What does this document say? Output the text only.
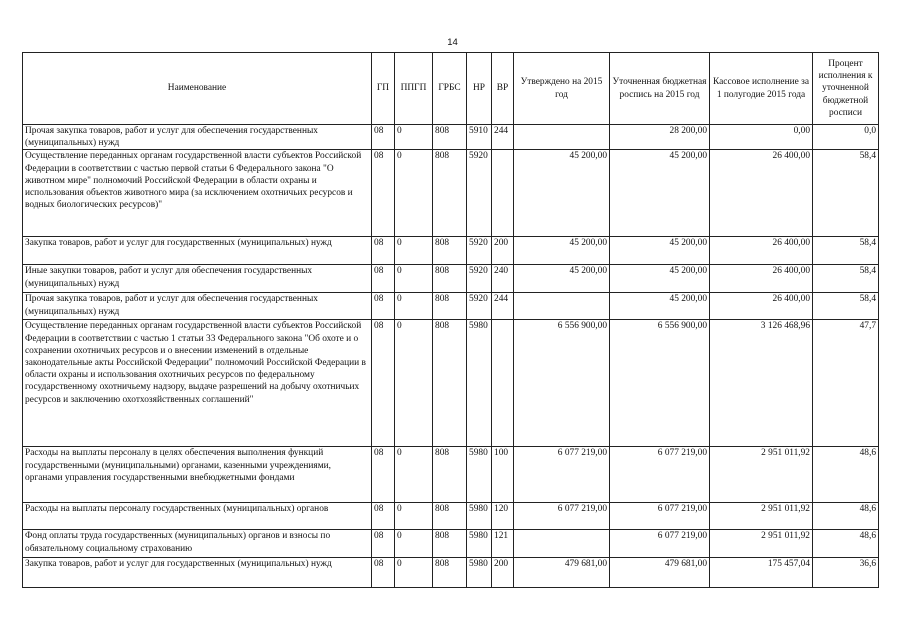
14
Наименование	ГП	ППГП	ГРБС	НР	ВР	Утверждено на 2015 год	Уточненная бюджетная роспись на 2015 год	Кассовое исполнение за 1 полугодие 2015 года	Процент исполнения к уточненной бюджетной росписи

Прочая закупка товаров, работ и услуг для обеспечения государственных (муниципальных) нужд	08	0	808	5910	244		28 200,00	0,00	0,0
Осуществление переданных органам государственной власти субъектов Российской Федерации в соответствии с частью первой статьи 6 Федерального закона "О животном мире" полномочий Российской Федерации в области охраны и использования объектов животного мира (за исключением охотничьих ресурсов и водных биологических ресурсов)"	08	0	808	5920		45 200,00	45 200,00	26 400,00	58,4
Закупка товаров, работ и услуг для государственных (муниципальных) нужд	08	0	808	5920	200	45 200,00	45 200,00	26 400,00	58,4
Иные закупки товаров, работ и услуг для обеспечения государственных (муниципальных) нужд	08	0	808	5920	240	45 200,00	45 200,00	26 400,00	58,4
Прочая закупка товаров, работ и услуг для обеспечения государственных (муниципальных) нужд	08	0	808	5920	244		45 200,00	26 400,00	58,4
Осуществление переданных органам государственной власти субъектов Российской Федерации в соответствии с частью 1 статьи 33 Федерального закона "Об охоте и о сохранении охотничьих ресурсов и о внесении изменений в отдельные законодательные акты Российской Федерации" полномочий Российской Федерации в области охраны и использования охотничьих ресурсов по федеральному государственному охотничьему надзору, выдаче разрешений на добычу охотничьих ресурсов и заключению охотхозяйственных соглашений"	08	0	808	5980		6 556 900,00	6 556 900,00	3 126 468,96	47,7
Расходы на выплаты персоналу в целях обеспечения выполнения функций государственными (муниципальными) органами, казенными учреждениями, органами управления государственными внебюджетными фондами	08	0	808	5980	100	6 077 219,00	6 077 219,00	2 951 011,92	48,6
Расходы на выплаты персоналу государственных (муниципальных) органов	08	0	808	5980	120	6 077 219,00	6 077 219,00	2 951 011,92	48,6
Фонд оплаты труда государственных (муниципальных) органов и взносы по обязательному социальному страхованию	08	0	808	5980	121		6 077 219,00	2 951 011,92	48,6
Закупка товаров, работ и услуг для государственных (муниципальных) нужд	08	0	808	5980	200	479 681,00	479 681,00	175 457,04	36,6
